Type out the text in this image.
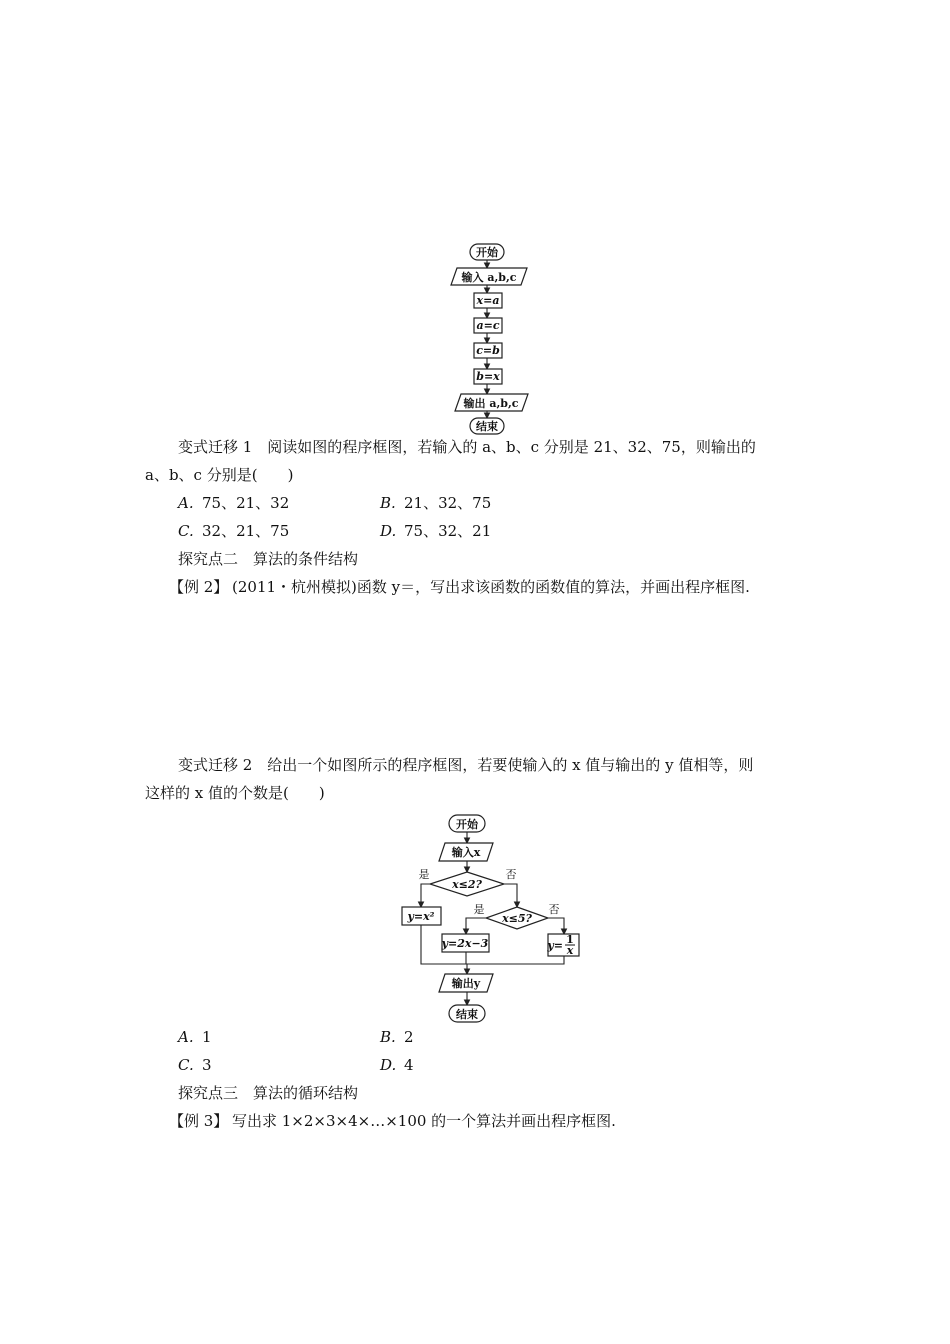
开始
输入 a,b,c
x=a
a=c
c=b
b=x
输出 a,b,c
结束
开始
输入x
x≤2?
是	否
y=x²	x≤5?
是	否
y=2x−3	y= 1
x
输出y
结束
变式迁移 1　阅读如图的程序框图，若输入的 a、b、c 分别是 21、32、75，则输出的
a、b、c 分别是(　　)
A. 75、21、32	B. 21、32、75
C. 32、21、75	D. 75、32、21
探究点二　算法的条件结构
【例 2】 (2011・杭州模拟)函数 y＝，写出求该函数的函数值的算法，并画出程序框图.
变式迁移 2　给出一个如图所示的程序框图，若要使输入的 x 值与输出的 y 值相等，则
这样的 x 值的个数是(　　)
A. 1	B. 2
C. 3	D. 4
探究点三　算法的循环结构
【例 3】 写出求 1×2×3×4×…×100 的一个算法并画出程序框图.
